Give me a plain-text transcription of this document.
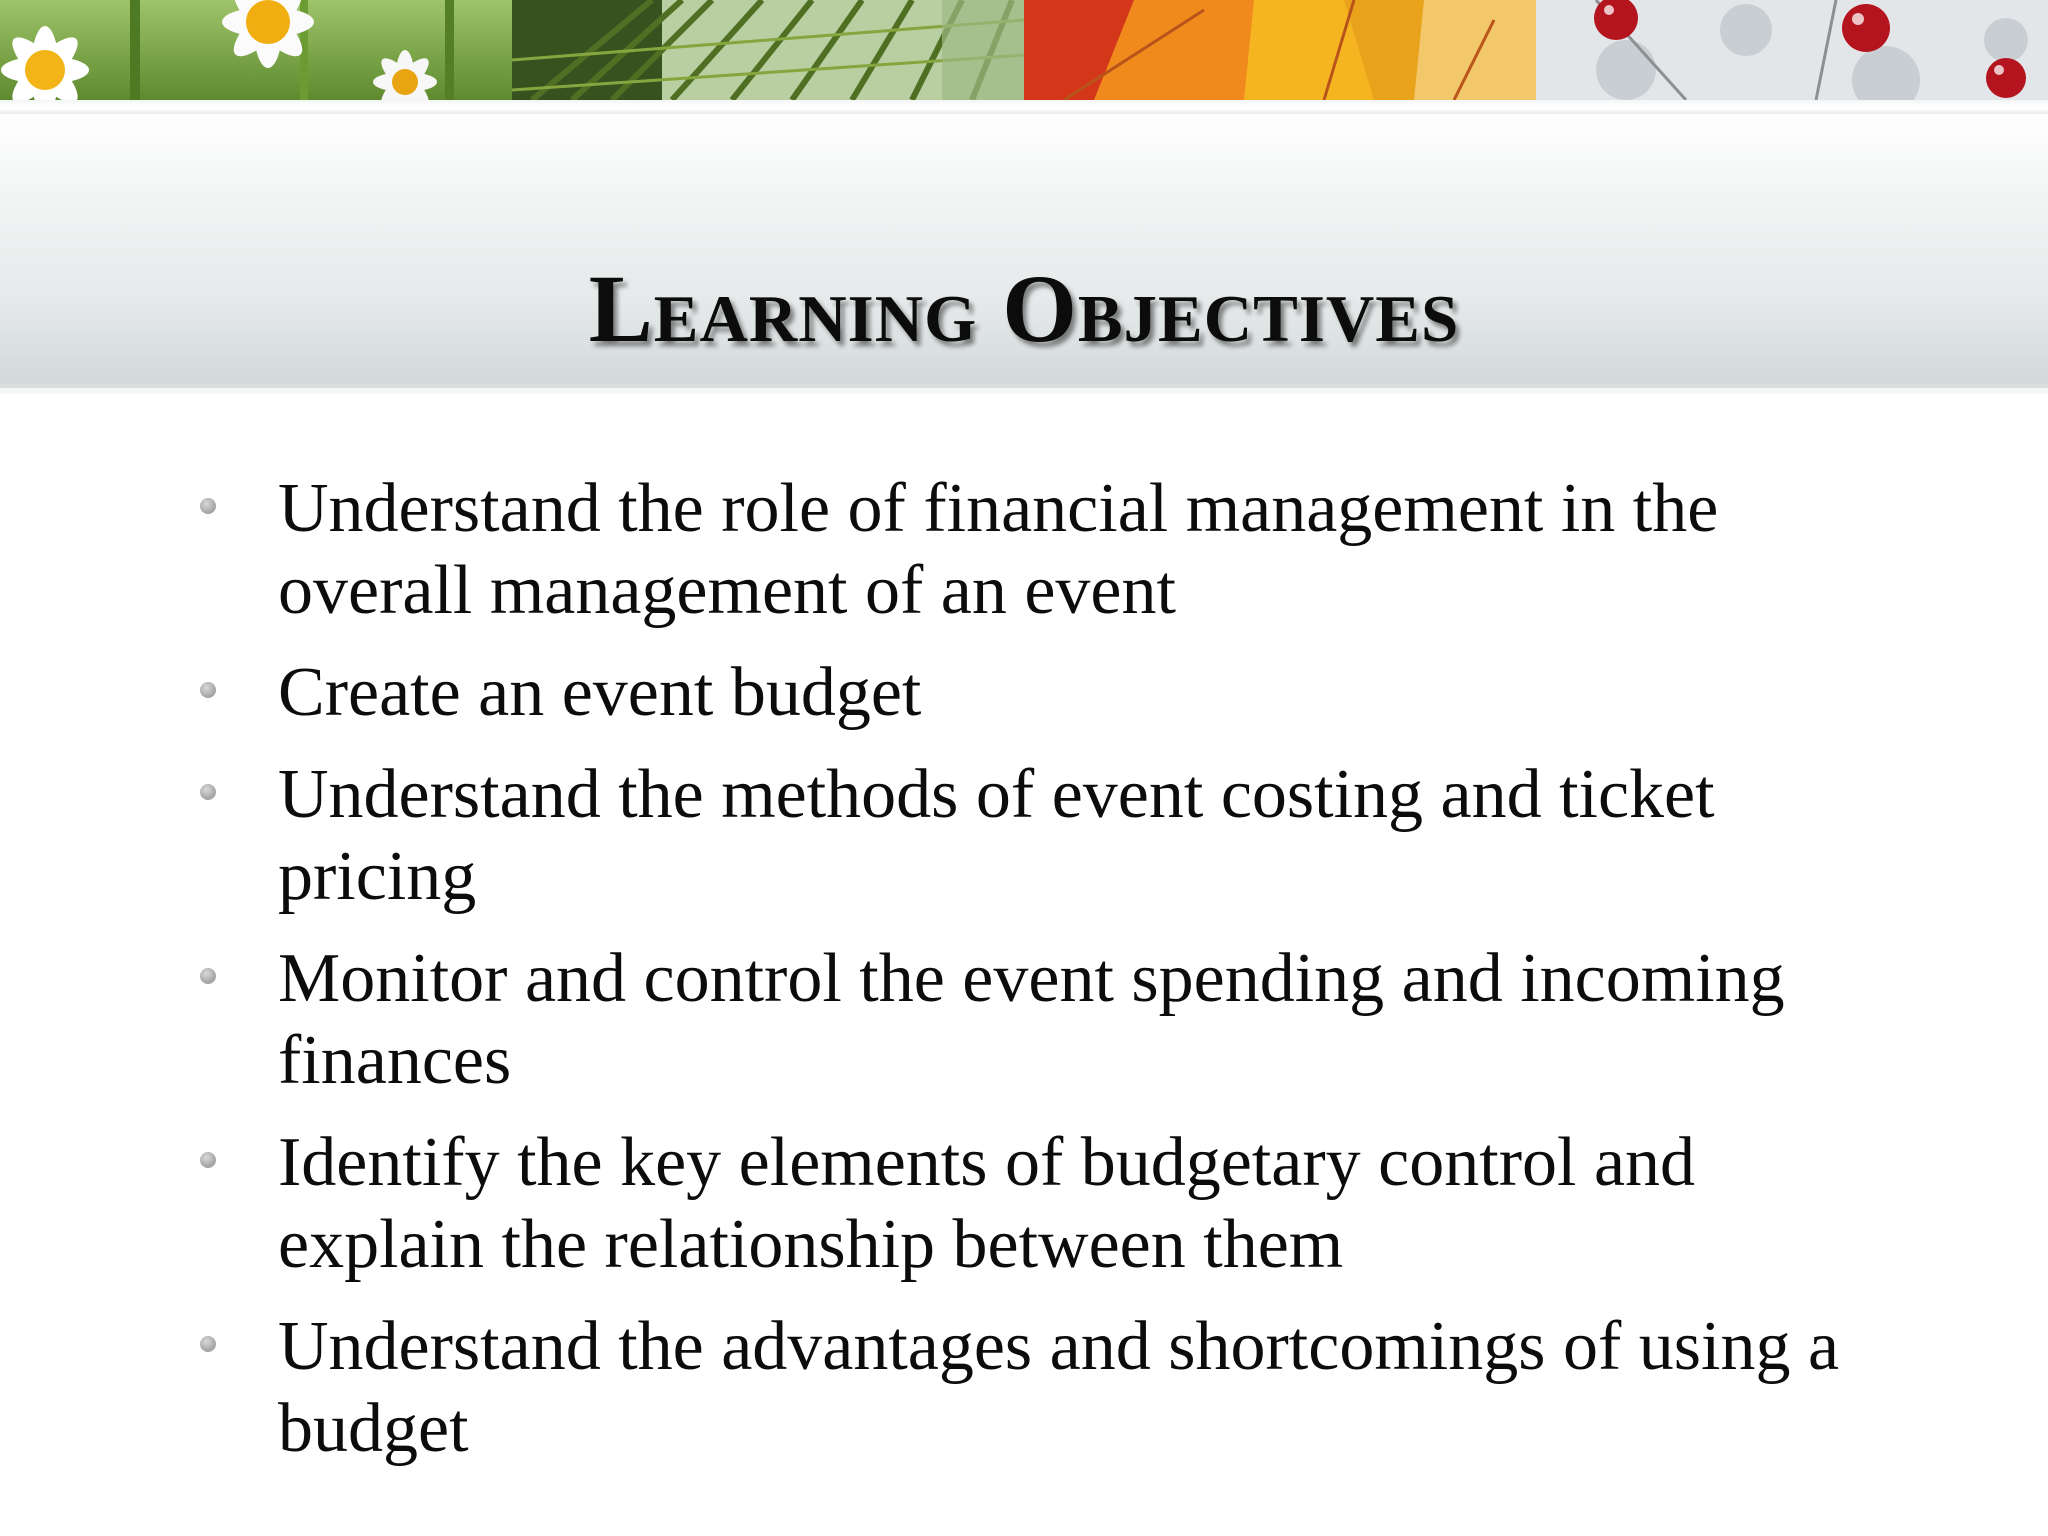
Learning Objectives
Understand the role of financial management in the overall management of an event
Create an event budget
Understand the methods of event costing and ticket pricing
Monitor and control the event spending and incoming finances
Identify the key elements of budgetary control and explain the relationship between them
Understand the advantages and shortcomings of using a budget
